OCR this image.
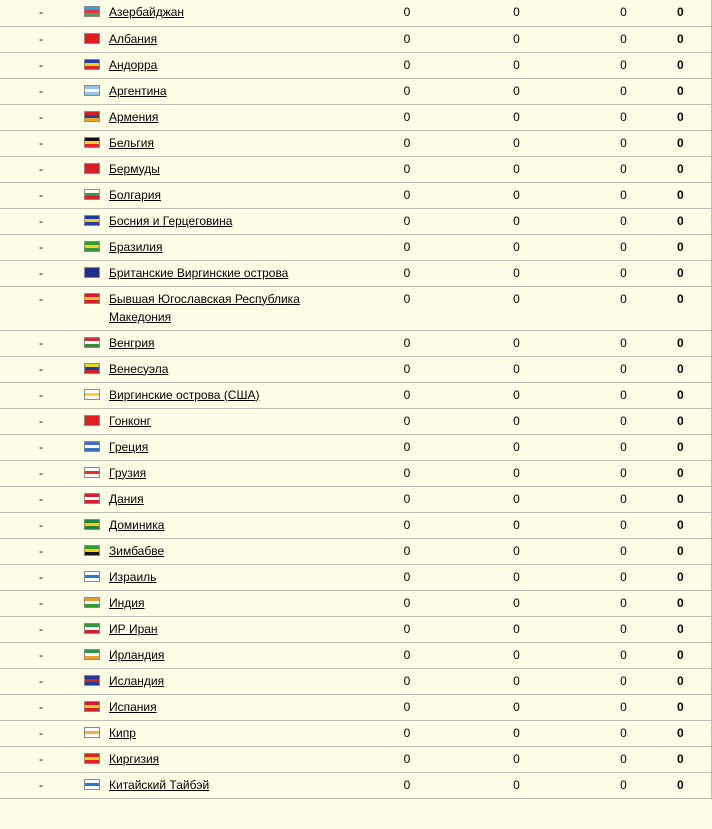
-		Азербайджан	0	0	0	0
-		Албания	0	0	0	0
-		Андорра	0	0	0	0
-		Аргентина	0	0	0	0
-		Армения	0	0	0	0
-		Бельгия	0	0	0	0
-		Бермуды	0	0	0	0
-		Болгария	0	0	0	0
-		Босния и Герцеговина	0	0	0	0
-		Бразилия	0	0	0	0
-		Британские Виргинские острова	0	0	0	0
-		Бывшая Югославская Республика Македония	0	0	0	0
-		Венгрия	0	0	0	0
-		Венесуэла	0	0	0	0
-		Виргинские острова (США)	0	0	0	0
-		Гонконг	0	0	0	0
-		Греция	0	0	0	0
-		Грузия	0	0	0	0
-		Дания	0	0	0	0
-		Доминика	0	0	0	0
-		Зимбабве	0	0	0	0
-		Израиль	0	0	0	0
-		Индия	0	0	0	0
-		ИР Иран	0	0	0	0
-		Ирландия	0	0	0	0
-		Исландия	0	0	0	0
-		Испания	0	0	0	0
-		Кипр	0	0	0	0
-		Киргизия	0	0	0	0
-		Китайский Тайбэй	0	0	0	0
